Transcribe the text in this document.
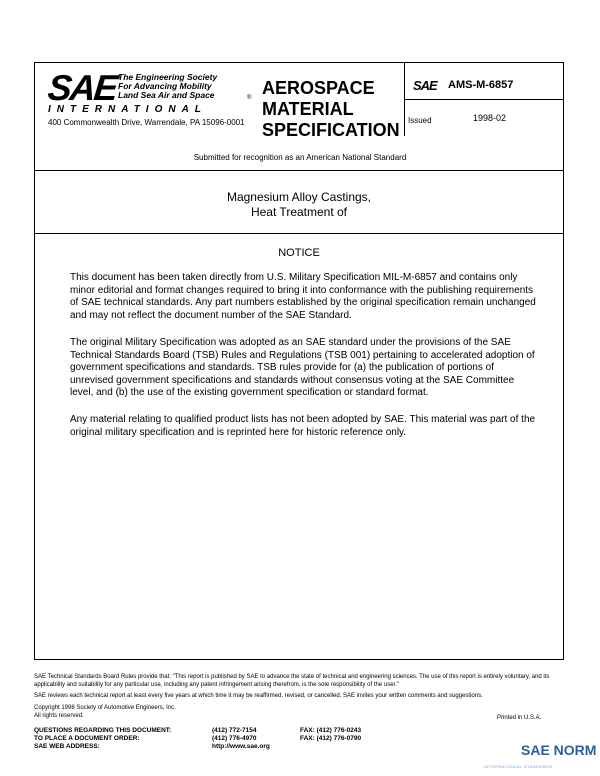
SAE The Engineering Society
For Advancing Mobility
Land Sea Air and Space	®
INTERNATIONAL
400 Commonwealth Drive, Warrendale, PA 15096-0001
AEROSPACE
MATERIAL
SPECIFICATION
SAE AMS-M-6857
Issued	1998-02
Submitted for recognition as an American National Standard
Magnesium Alloy Castings,
Heat Treatment of
NOTICE
This document has been taken directly from U.S. Military Specification MIL-M-6857 and contains only minor editorial and format changes required to bring it into conformance with the publishing requirements of SAE technical standards. Any part numbers established by the original specification remain unchanged and may not reflect the document number of the SAE Standard.
The original Military Specification was adopted as an SAE standard under the provisions of the SAE Technical Standards Board (TSB) Rules and Regulations (TSB 001) pertaining to accelerated adoption of government specifications and standards. TSB rules provide for (a) the publication of portions of unrevised government specifications and standards without consensus voting at the SAE Committee level, and (b) the use of the existing government specification or standard format.
Any material relating to qualified product lists has not been adopted by SAE. This material was part of the original military specification and is reprinted here for historic reference only.
SAE Technical Standards Board Rules provide that: "This report is published by SAE to advance the state of technical and engineering sciences. The use of this report is entirely voluntary, and its applicability and suitability for any particular use, including any patent infringement arising therefrom, is the sole responsibility of the user."
SAE reviews each technical report at least every five years at which time it may be reaffirmed, revised, or cancelled. SAE invites your written comments and suggestions.
Copyright 1998 Society of Automotive Engineers, Inc.
All rights reserved.	Printed in U.S.A.
QUESTIONS REGARDING THIS DOCUMENT:	(412) 772-7154	FAX: (412) 776-0243
TO PLACE A DOCUMENT ORDER:	(412) 776-4970	FAX: (412) 776-0790
SAE WEB ADDRESS:	http://www.sae.org	SAE NORM
INTERNATIONAL STANDARDS
